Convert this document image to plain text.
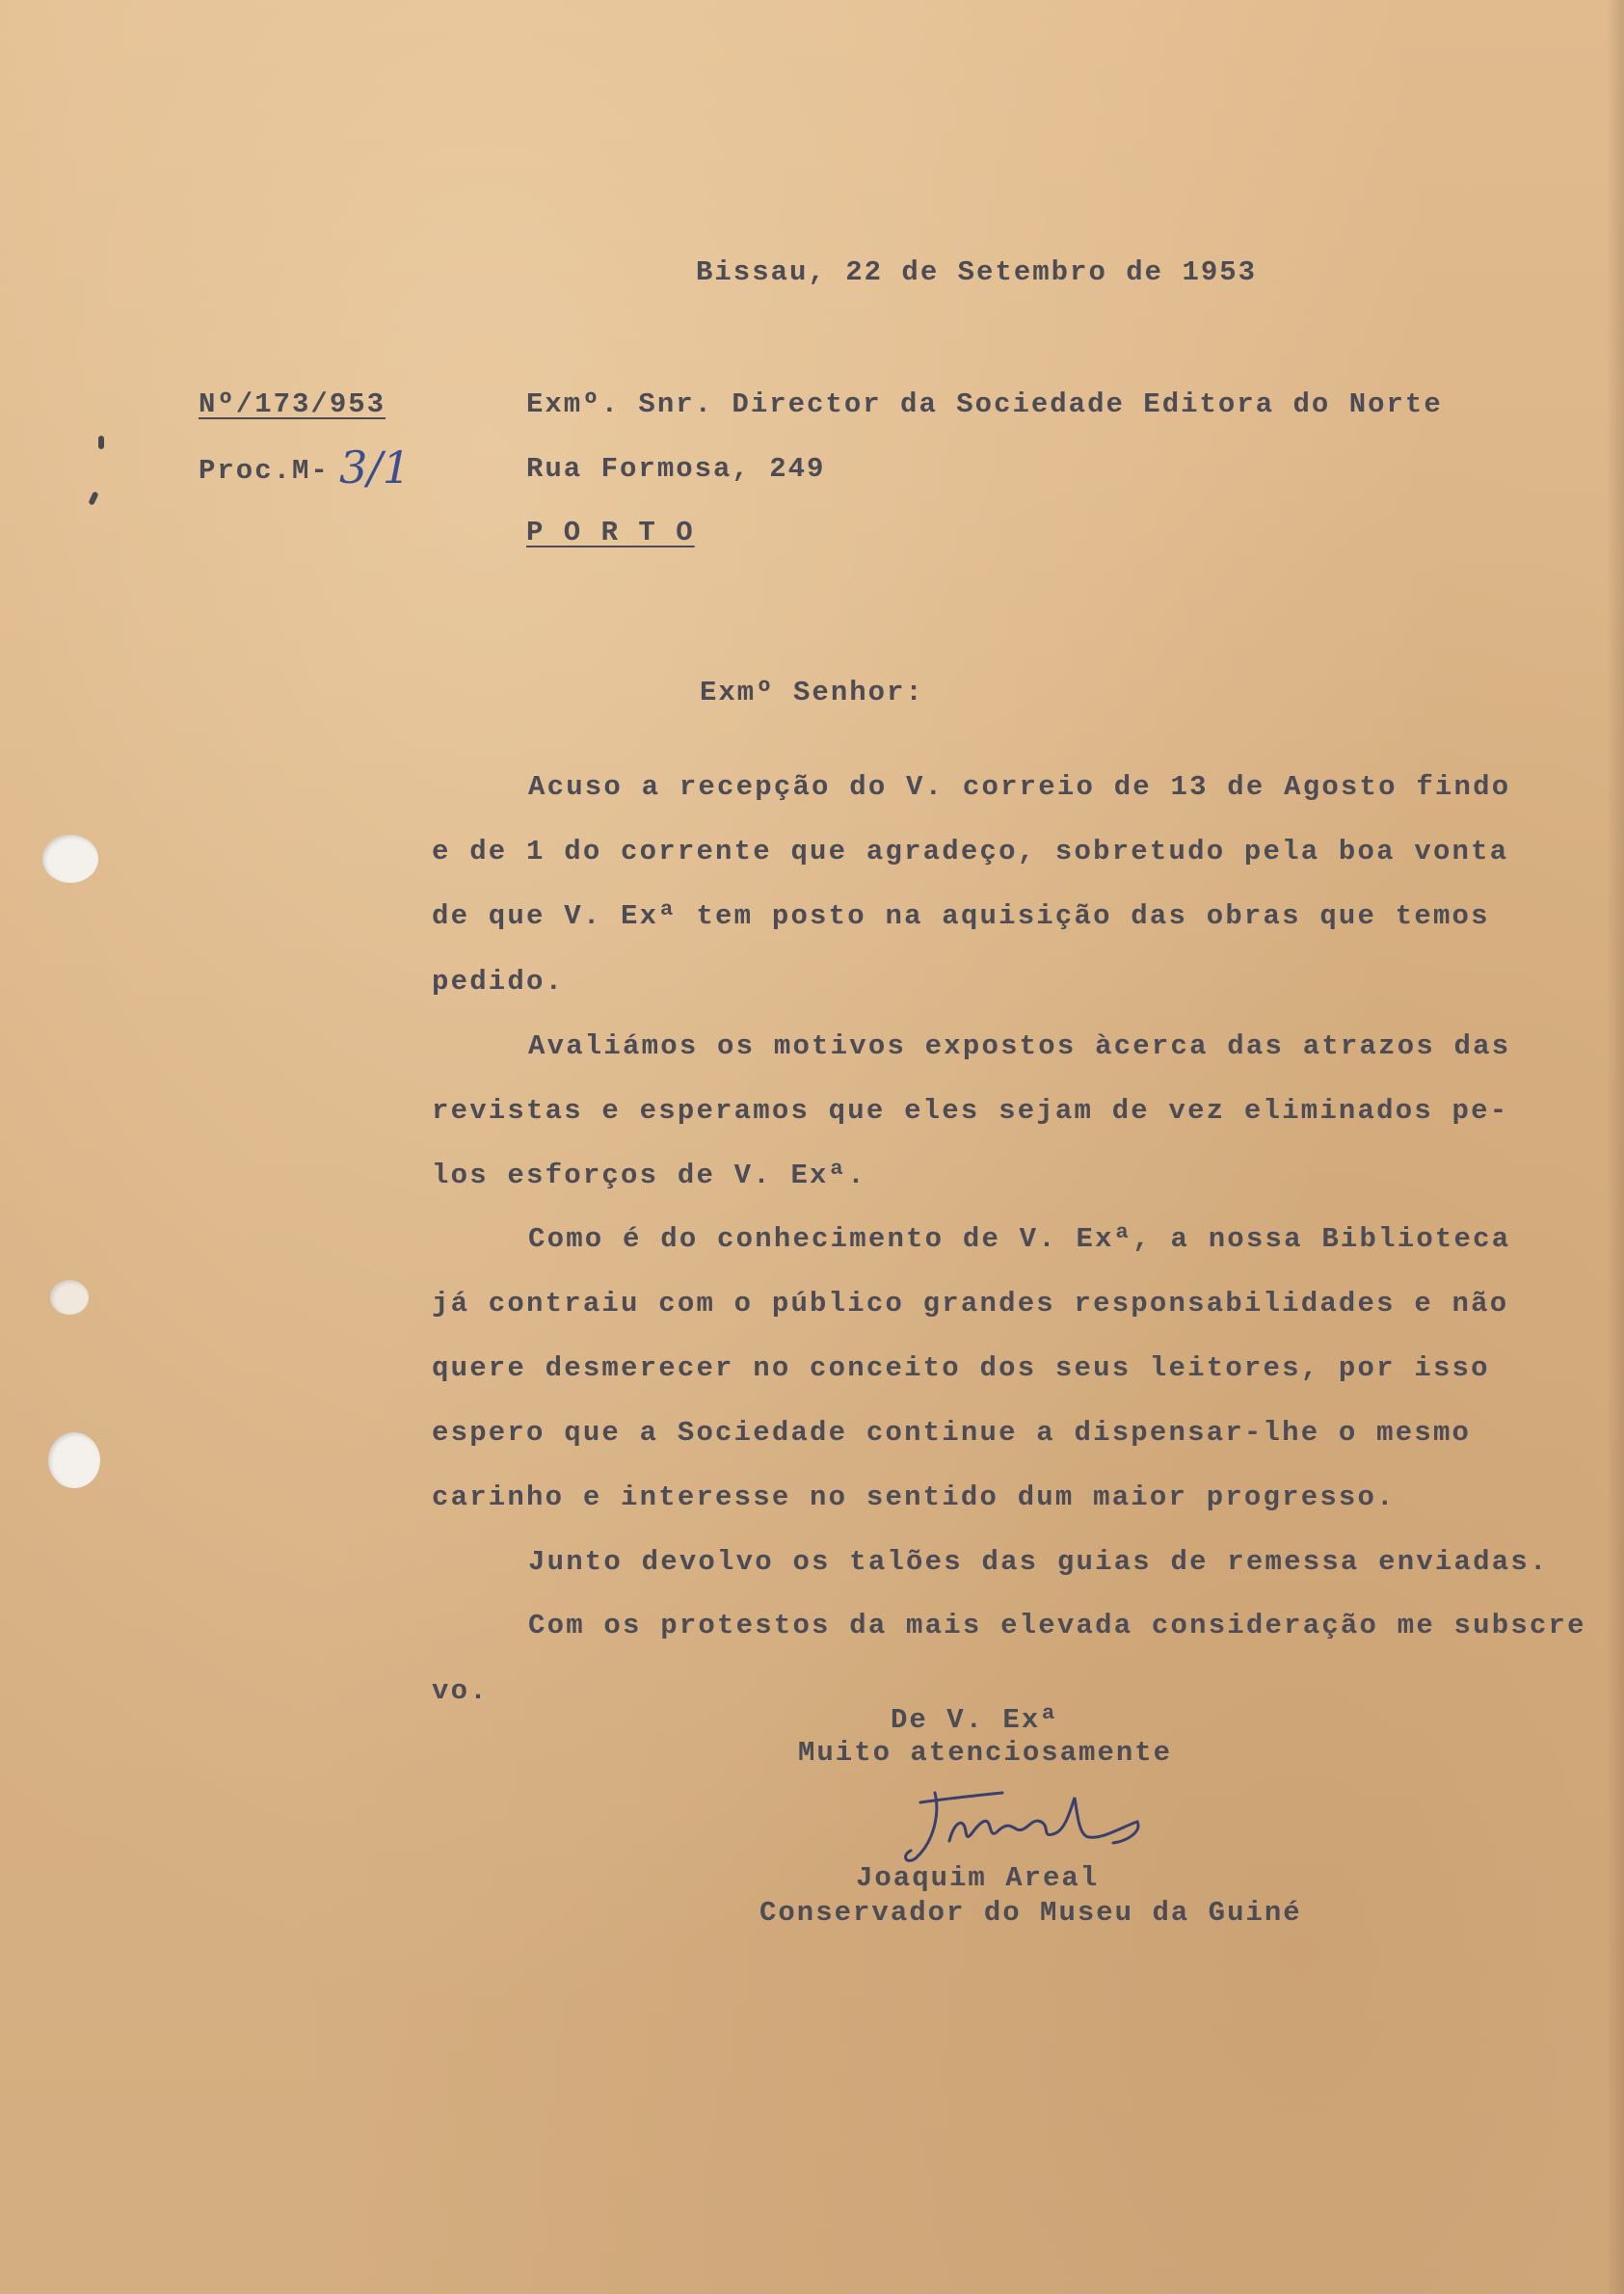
Bissau, 22 de Setembro de 1953
Nº/173/953
Proc.M- 3/1
Exmº. Snr. Director da Sociedade Editora do Norte
Rua Formosa, 249
P O R T O
Exmº Senhor:
Acuso a recepção do V. correio de 13 de Agosto findo
e de 1 do corrente que agradeço, sobretudo pela boa vonta
de que V. Exª tem posto na aquisição das obras que temos
pedido.
Avaliámos os motivos expostos àcerca das atrazos das
revistas e esperamos que eles sejam de vez eliminados pe-
los esforços de V. Exª.
Como é do conhecimento de V. Exª, a nossa Biblioteca
já contraiu com o público grandes responsabilidades e não
quere desmerecer no conceito dos seus leitores, por isso
espero que a Sociedade continue a dispensar-lhe o mesmo
carinho e interesse no sentido dum maior progresso.
Junto devolvo os talões das guias de remessa enviadas.
Com os protestos da mais elevada consideração me subscre
vo.
De V. Exª
Muito atenciosamente
Joaquim Areal
Conservador do Museu da Guiné
